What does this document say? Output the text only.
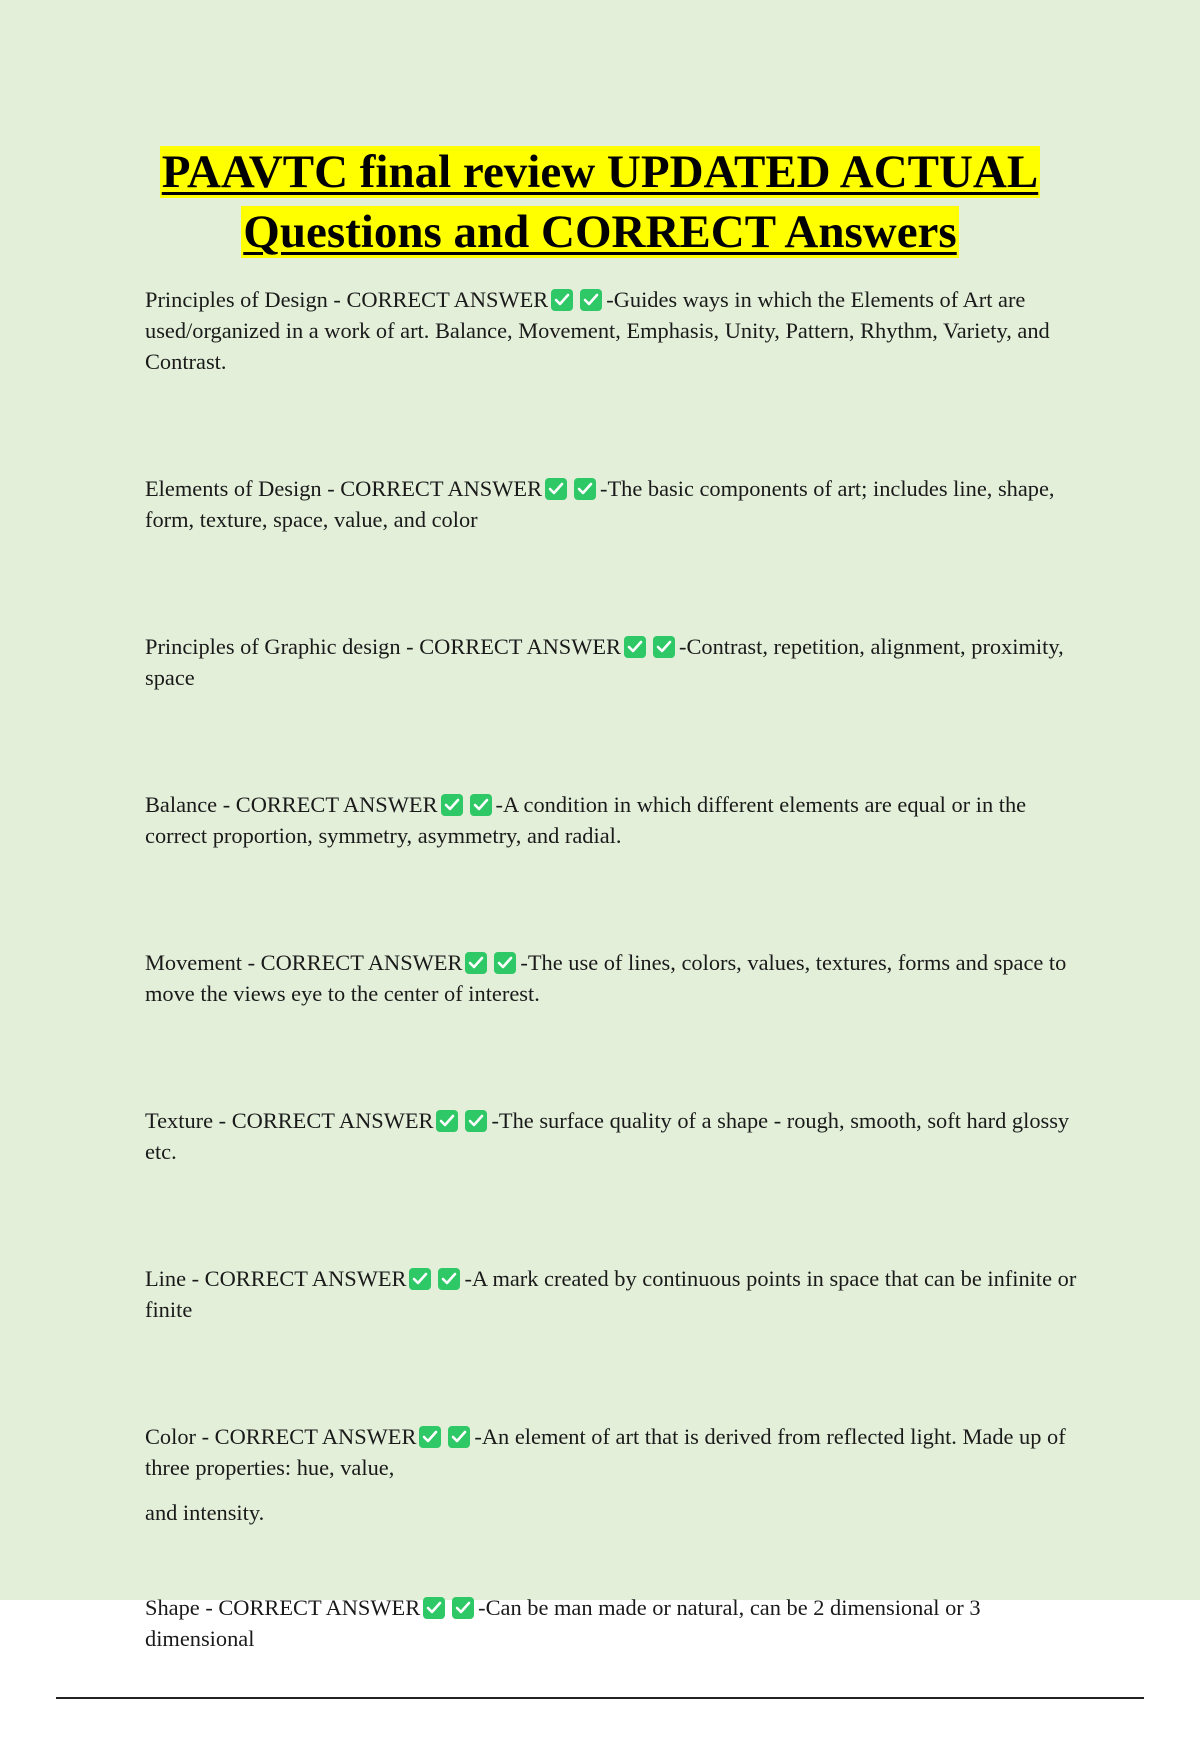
PAAVTC final review UPDATED ACTUAL
Questions and CORRECT Answers

Principles of Design - CORRECT ANSWER	-Guides ways in which the Elements of Art are used/organized in a work of art. Balance, Movement, Emphasis, Unity, Pattern, Rhythm, Variety, and Contrast.

Elements of Design - CORRECT ANSWER	-The basic components of art; includes line, shape, form, texture, space, value, and color

Principles of Graphic design - CORRECT ANSWER	-Contrast, repetition, alignment, proximity, space

Balance - CORRECT ANSWER	-A condition in which different elements are equal or in the correct proportion, symmetry, asymmetry, and radial.

Movement - CORRECT ANSWER	-The use of lines, colors, values, textures, forms and space to move the views eye to the center of interest.

Texture - CORRECT ANSWER	-The surface quality of a shape - rough, smooth, soft hard glossy etc.

Line - CORRECT ANSWER	-A mark created by continuous points in space that can be infinite or finite

Color - CORRECT ANSWER	-An element of art that is derived from reflected light. Made up of three properties: hue, value,

and intensity.

Shape - CORRECT ANSWER	-Can be man made or natural, can be 2 dimensional or 3 dimensional
